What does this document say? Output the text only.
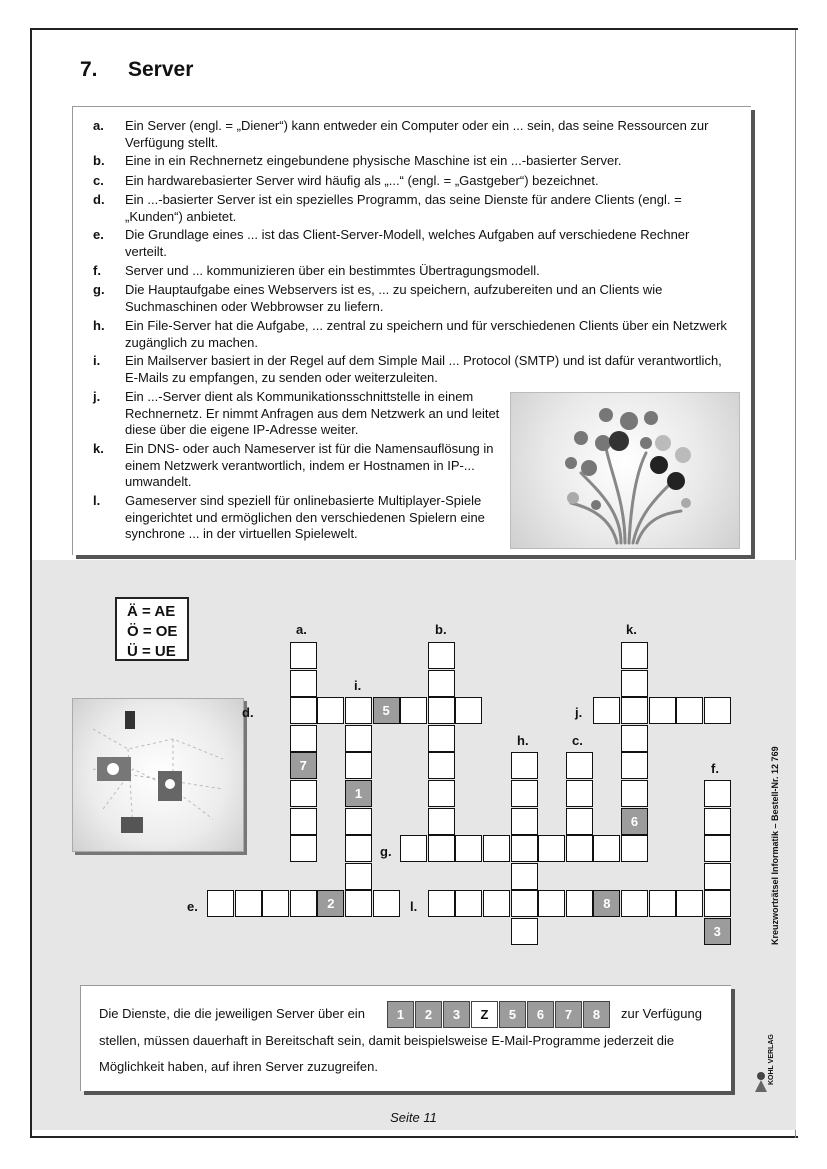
7. Server
a.	Ein Server (engl. = „Diener“) kann entweder ein Computer oder ein ... sein, das seine Ressourcen zur Verfügung stellt.
b.	Eine in ein Rechnernetz eingebundene physische Maschine ist ein ...-basierter Server.
c.	Ein hardwarebasierter Server wird häufig als „...“ (engl. = „Gastgeber“) bezeichnet.
d.	Ein ...-basierter Server ist ein spezielles Programm, das seine Dienste für andere Clients (engl. = „Kunden“) anbietet.
e.	Die Grundlage eines ... ist das Client-Server-Modell, welches Aufgaben auf verschiedene Rechner verteilt.
f.	Server und ... kommunizieren über ein bestimmtes Übertragungsmodell.
g.	Die Hauptaufgabe eines Webservers ist es, ... zu speichern, aufzubereiten und an Clients wie Suchmaschinen oder Webbrowser zu liefern.
h.	Ein File-Server hat die Aufgabe, ... zentral zu speichern und für verschiedenen Clients über ein Netzwerk zugänglich zu machen.
i.	Ein Mailserver basiert in der Regel auf dem Simple Mail ... Protocol (SMTP) und ist dafür verantwortlich, E-Mails zu empfangen, zu senden oder weiterzuleiten.
j.	Ein ...-Server dient als Kommunikationsschnittstelle in einem Rechnernetz. Er nimmt Anfragen aus dem Netzwerk an und leitet diese über die eigene IP-Adresse weiter.
k.	Ein DNS- oder auch Nameserver ist für die Namensauflösung in einem Netzwerk verantwortlich, indem er Hostnamen in IP-... umwandelt.
l.	Gameserver sind speziell für onlinebasierte Multiplayer-Spiele eingerichtet und ermöglichen den verschiedenen Spielern eine synchrone ... in der virtuellen Spielewelt.
Ä = AE
Ö = OE
Ü = UE
7
6
5
1
3
2	8
a.	b.	k.
i.
d.	j.
h.	c.
f.
g.
e.	l.
Die Dienste, die die jeweiligen Server über ein	1	2	3	Z	5	6	7	8	zur Verfügung
stellen, müssen dauerhaft in Bereitschaft sein, damit beispielsweise E-Mail-Programme jederzeit die
Möglichkeit haben, auf ihren Server zuzugreifen.
Seite 11
Kreuzworträtsel Informatik – Bestell-Nr. 12 769
KOHL VERLAG
